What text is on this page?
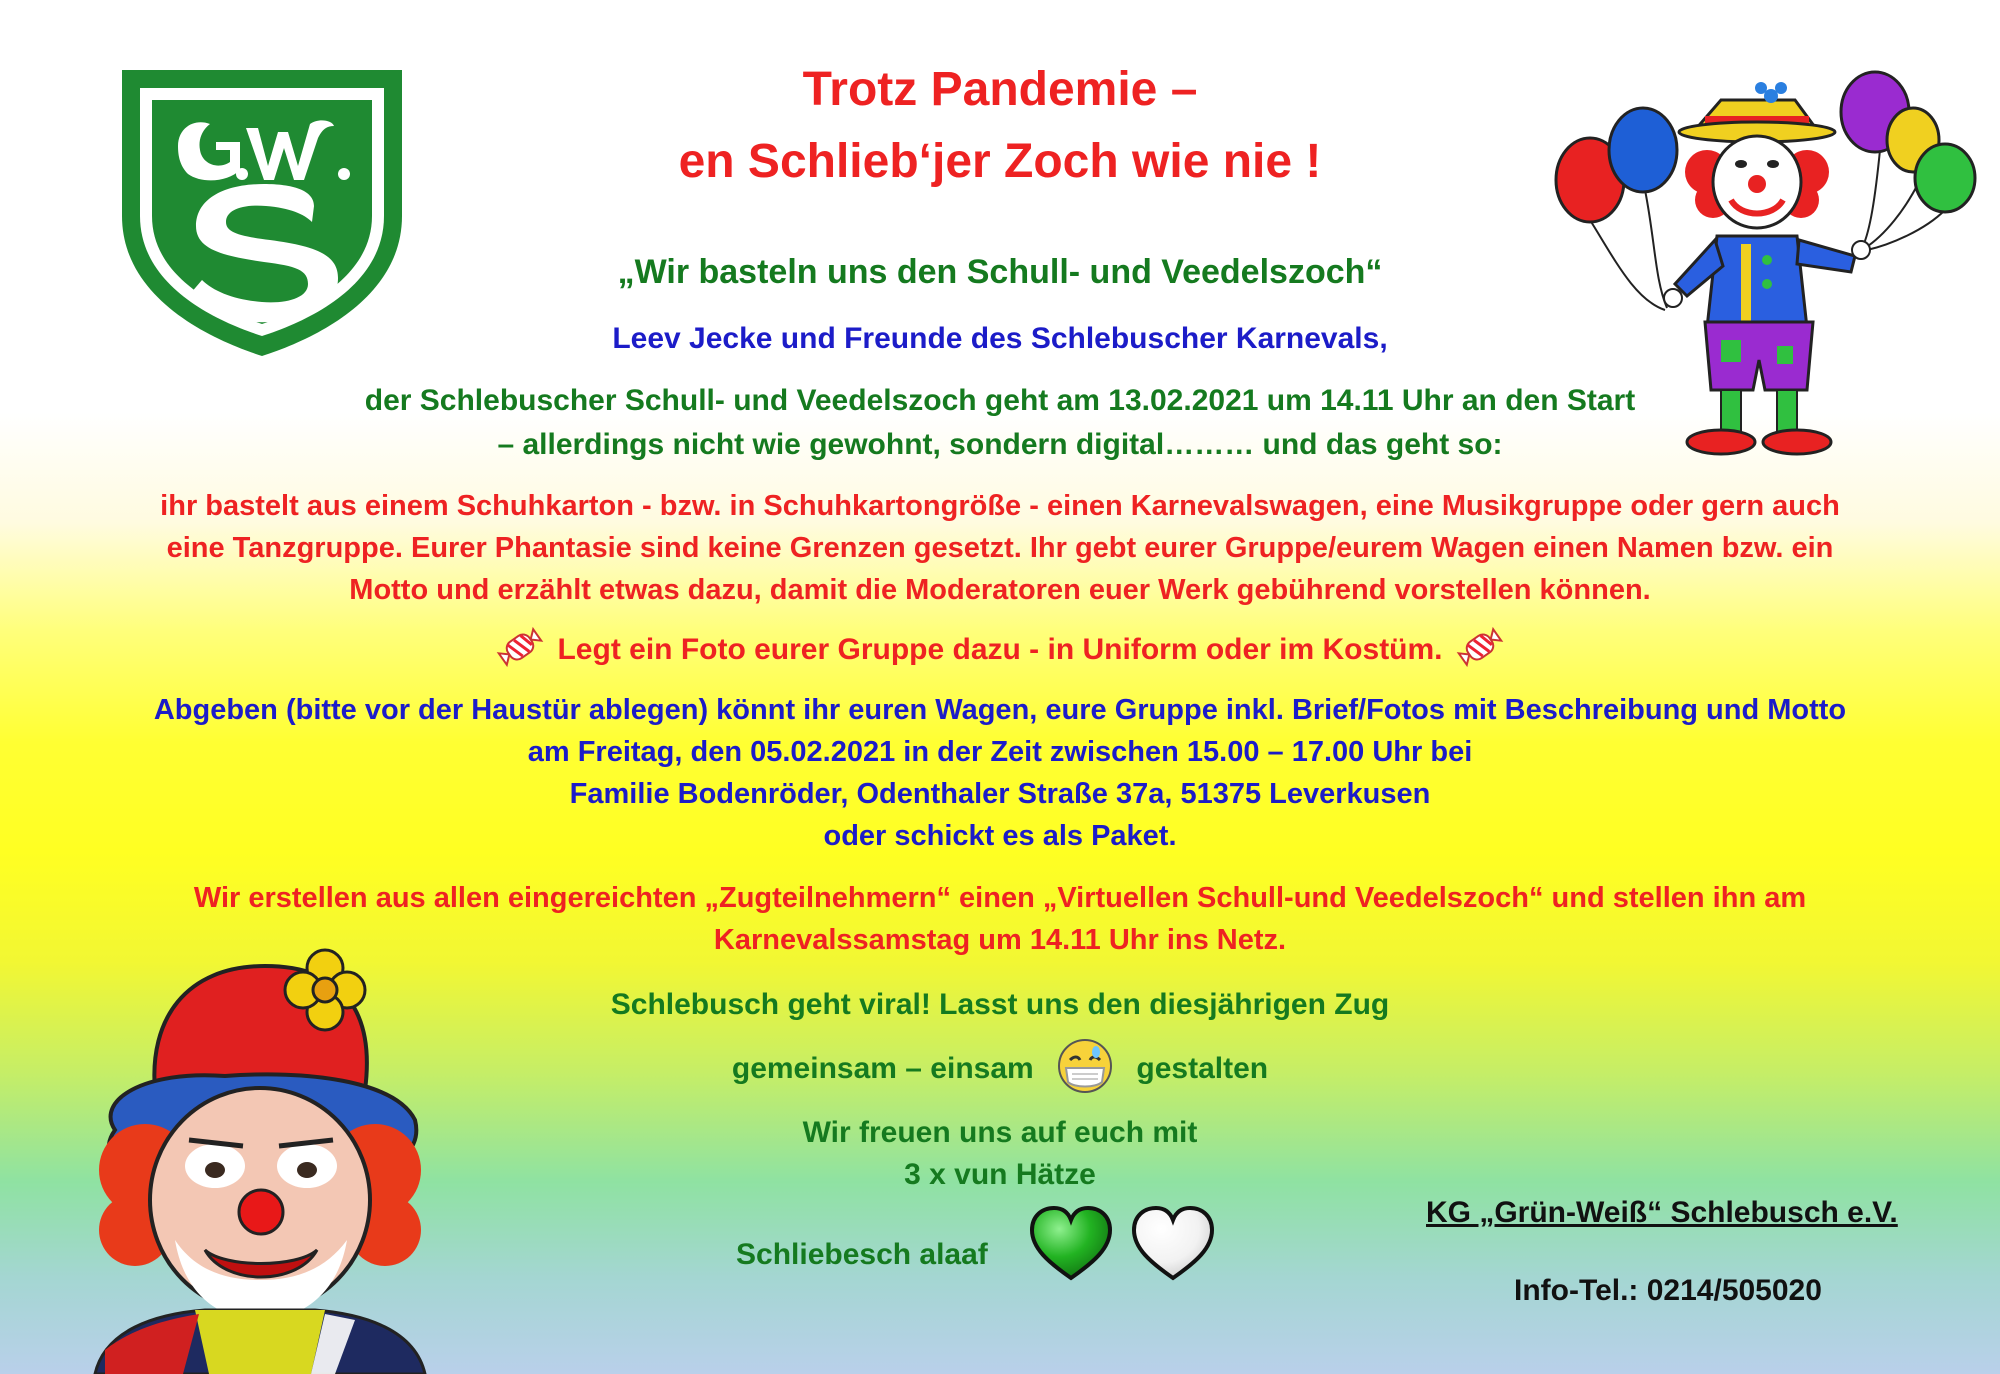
Trotz Pandemie –
en Schlieb‘jer Zoch wie nie !
„Wir basteln uns den Schull- und Veedelszoch“
Leev Jecke und Freunde des Schlebuscher Karnevals,
der Schlebuscher Schull- und Veedelszoch geht am 13.02.2021 um 14.11 Uhr an den Start
– allerdings nicht wie gewohnt, sondern digital……… und das geht so:
ihr bastelt aus einem Schuhkarton - bzw. in Schuhkartongröße - einen Karnevalswagen, eine Musikgruppe oder gern auch
eine Tanzgruppe. Eurer Phantasie sind keine Grenzen gesetzt. Ihr gebt eurer Gruppe/eurem Wagen einen Namen bzw. ein
Motto und erzählt etwas dazu, damit die Moderatoren euer Werk gebührend vorstellen können.
Legt ein Foto eurer Gruppe dazu - in Uniform oder im Kostüm.
Abgeben (bitte vor der Haustür ablegen) könnt ihr euren Wagen, eure Gruppe inkl. Brief/Fotos mit Beschreibung und Motto
am Freitag, den 05.02.2021 in der Zeit zwischen 15.00 – 17.00 Uhr bei
Familie Bodenröder, Odenthaler Straße 37a, 51375 Leverkusen
oder schickt es als Paket.
Wir erstellen aus allen eingereichten „Zugteilnehmern“ einen „Virtuellen Schull-und Veedelszoch“ und stellen ihn am
Karnevalssamstag um 14.11 Uhr ins Netz.
Schlebusch geht viral! Lasst uns den diesjährigen Zug
gemeinsam – einsam	gestalten
Wir freuen uns auf euch mit
3 x vun Hätze
Schliebesch alaaf
KG „Grün-Weiß“ Schlebusch e.V.
Info-Tel.: 0214/505020
